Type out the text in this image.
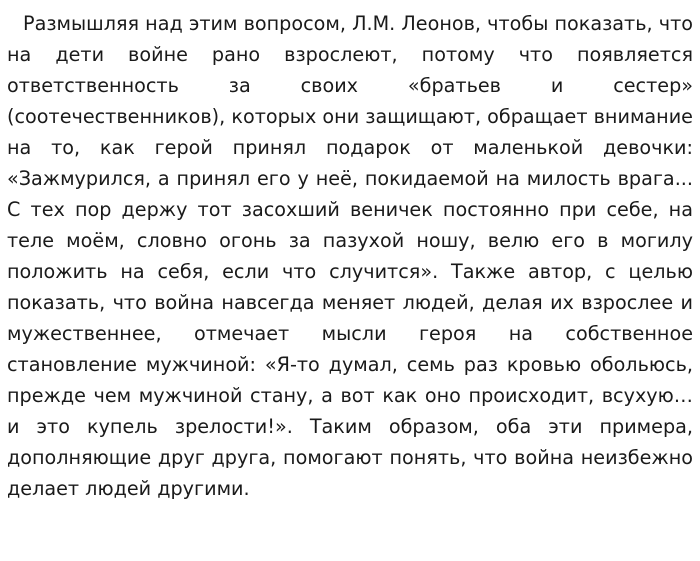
Размышляя над этим вопросом, Л.М. Леонов, чтобы показать, что на дети войне рано взрослеют, потому что появляется ответственность за своих «братьев и сестер» (соотечественников), которых они защищают, обращает внимание на то, как герой принял подарок от маленькой девочки: «Зажмурился, а принял его у неё, покидаемой на милость врага... С тех пор держу тот засохший веничек постоянно при себе, на теле моём, словно огонь за пазухой ношу, велю его в могилу положить на себя, если что случится». Также автор, с целью показать, что война навсегда меняет людей, делая их взрослее и мужественнее, отмечает мысли героя на собственное становление мужчиной: «Я-то думал, семь раз кровью обольюсь, прежде чем мужчиной стану, а вот как оно происходит, всухую… и это купель зрелости!». Таким образом, оба эти примера, дополняющие друг друга, помогают понять, что война неизбежно делает людей другими.
